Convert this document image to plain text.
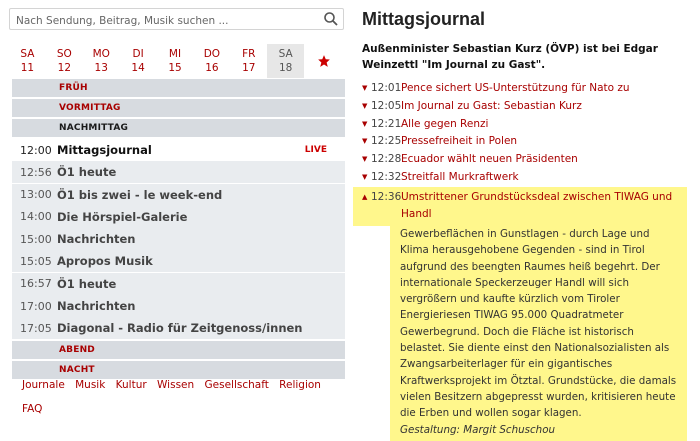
Nach Sendung, Beitrag, Musik suchen ...
SA
11
SO
12
MO
13
DI
14
MI
15
DO
16
FR
17
SA
18
FRÜH
VORMITTAG
NACHMITTAG
12:00 Mittagsjournal	LIVE
12:56 Ö1 heute
13:00 Ö1 bis zwei - le week-end
14:00 Die Hörspiel-Galerie
15:00 Nachrichten
15:05 Apropos Musik
16:57 Ö1 heute
17:00 Nachrichten
17:05 Diagonal - Radio für Zeitgenoss/innen
ABEND
NACHT
Journale Musik Kultur Wissen Gesellschaft Religion
FAQ
Mittagsjournal
Außenminister Sebastian Kurz (ÖVP) ist bei Edgar Weinzettl "Im Journal zu Gast".
▼ 12:01 Pence sichert US-Unterstützung für Nato zu
▼ 12:05 Im Journal zu Gast: Sebastian Kurz
▼ 12:21 Alle gegen Renzi
▼ 12:25 Pressefreiheit in Polen
▼ 12:28 Ecuador wählt neuen Präsidenten
▼ 12:32 Streitfall Murkraftwerk
▲ 12:36 Umstrittener Grundstücksdeal zwischen TIWAG und Handl
Gewerbeflächen in Gunstlagen - durch Lage und Klima herausgehobene Gegenden - sind in Tirol aufgrund des beengten Raumes heiß begehrt. Der internationale Speckerzeuger Handl will sich vergrößern und kaufte kürzlich vom Tiroler Energieriesen TIWAG 95.000 Quadratmeter Gewerbegrund. Doch die Fläche ist historisch belastet. Sie diente einst den Nationalsozialisten als Zwangsarbeiterlager für ein gigantisches Kraftwerksprojekt im Ötztal. Grundstücke, die damals vielen Besitzern abgepresst wurden, kritisieren heute die Erben und wollen sogar klagen.
Gestaltung: Margit Schuschou
